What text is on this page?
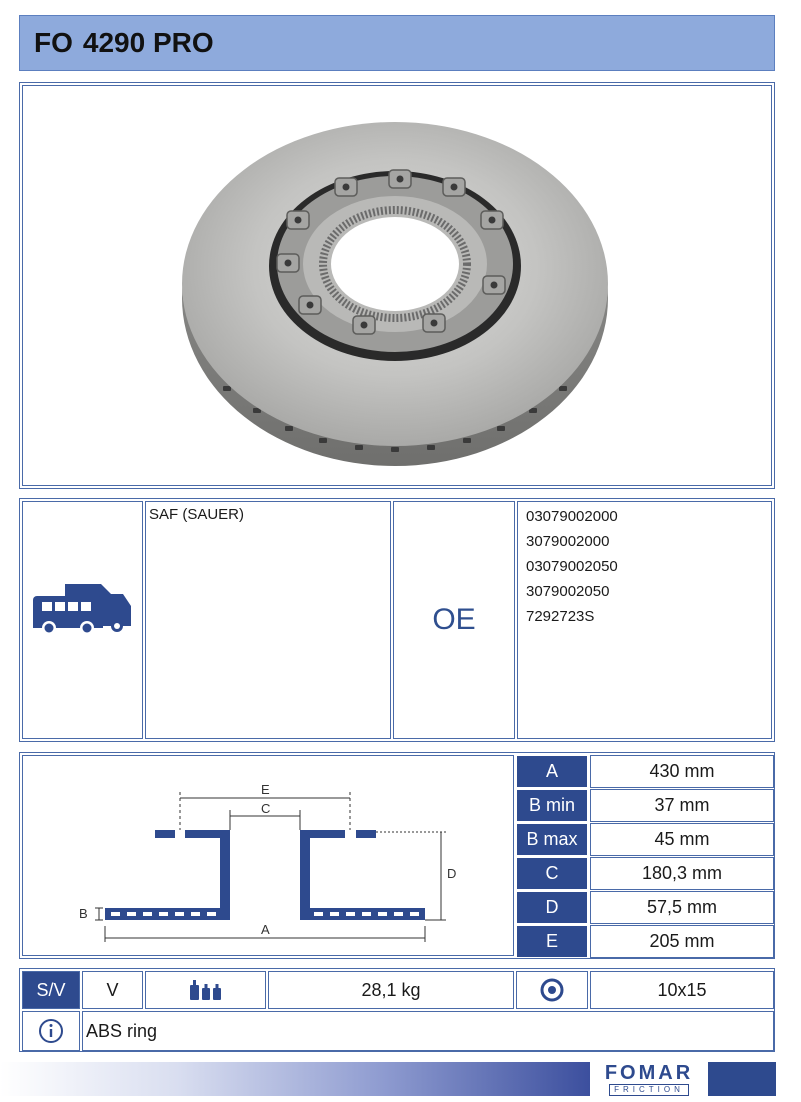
FO 4290 PRO
SAF (SAUER)
OE
03079002000
3079002000
03079002050
3079002050
7292723S
E
C
D
A
B
A	430 mm
B min	37 mm
B max	45 mm
C	180,3 mm
D	57,5 mm
E	205 mm
S/V	V	28,1 kg	10x15
ABS ring
FOMAR
FRICTION
